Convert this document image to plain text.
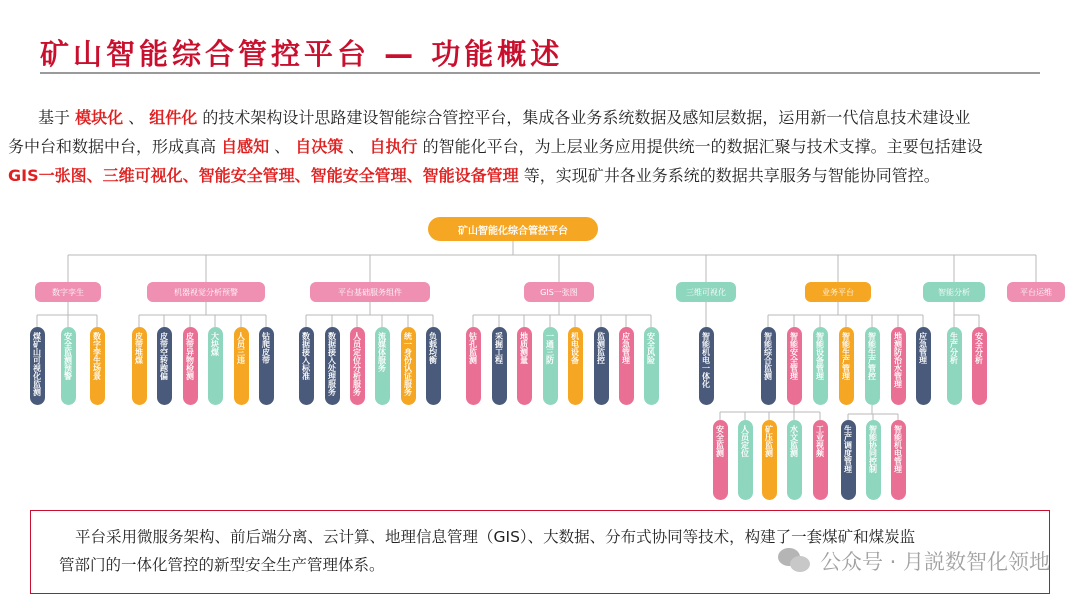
矿山智能综合管控平台 — 功能概述
基于 模块化 、 组件化 的技术架构设计思路建设智能综合管控平台，集成各业务系统数据及感知层数据，运用新一代信息技术建设业
务中台和数据中台，形成真高 自感知 、 自决策 、 自执行 的智能化平台，为上层业务应用提供统一的数据汇聚与技术支撑。主要包括建设
GIS一张图、三维可视化、智能安全管理、智能安全管理、智能设备管理 等，实现矿井各业务系统的数据共享服务与智能协同管控。
矿山智能化综合管控平台
数字孪生	机器视觉分析预警	平台基础服务组件	GIS一张图	三维可视化	业务平台	智能分析	平台运维
煤矿山可视化监测	安全监测预警	数字孪生场景	皮带堆煤	皮带空转跑偏	皮带异物检测	大块煤	人员三违	钻爬皮带	数据接入标准	数据接入处理服务	人员定位分析服务	流媒体服务	统一身份认证服务	负载均衡	钻孔监测	采掘工程	地质测量	一通三防	机电设备	监测监控	应急管理	安全风险	智能机电一体化	智能综合监测	智能安全管理	智能设备管理	智能生产管理	智能生产管控	地测防治水管理	应急管理	生产分析	安全分析
安全监测	人员定位	矿压监测	水文监测	工业视频	生产调度管理	智能协同控制	智能机电管理
平台采用微服务架构、前后端分离、云计算、地理信息管理（GIS）、大数据、分布式协同等技术，构建了一套煤矿和煤炭监
管部门的一体化管控的新型安全生产管理体系。	公众号 · 月説数智化领地
